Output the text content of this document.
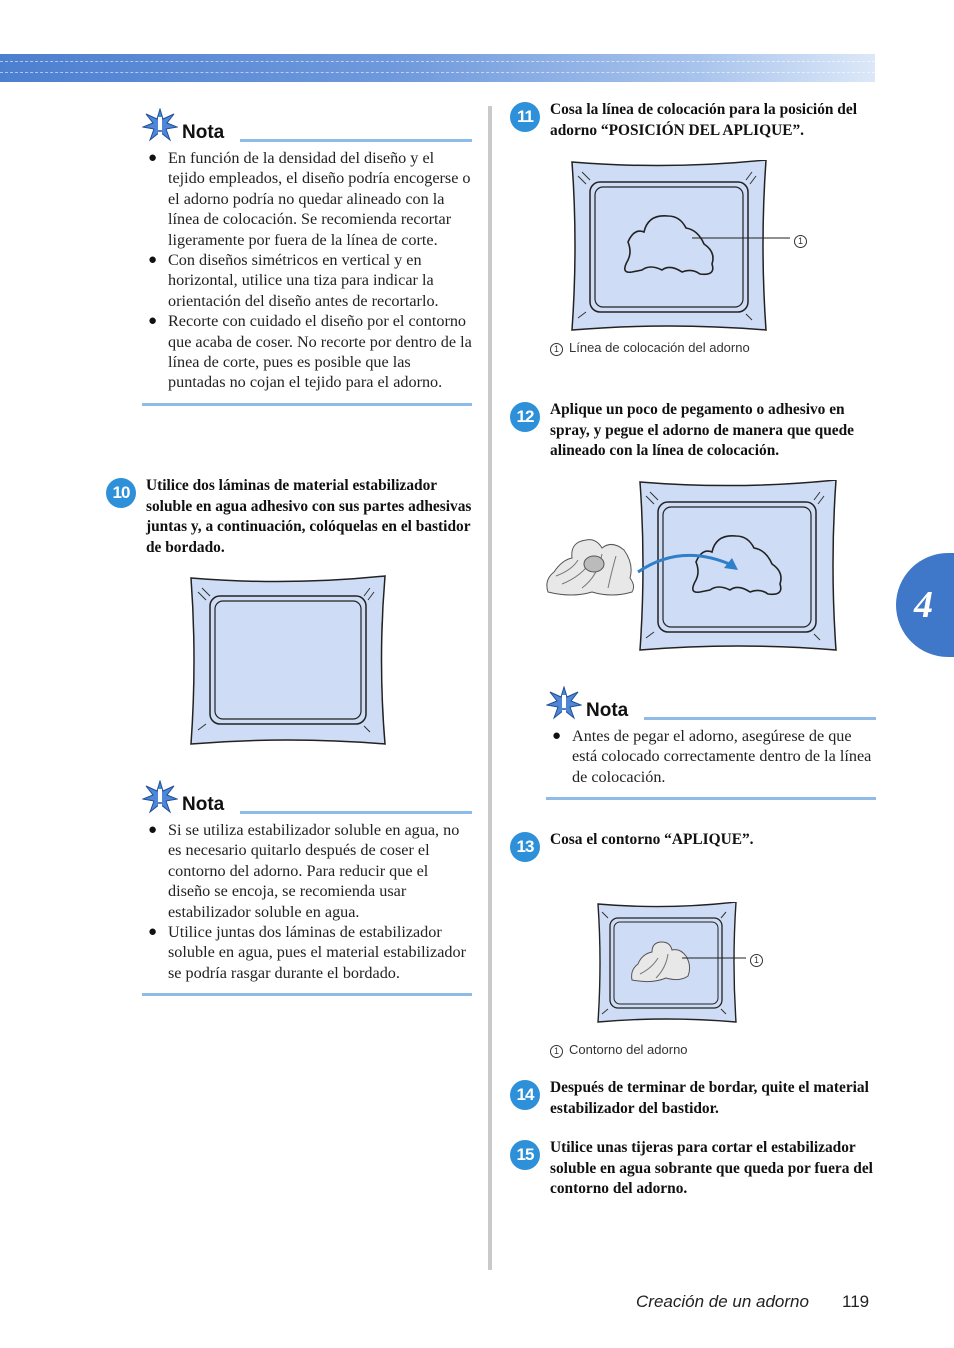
4
Nota
● En función de la densidad del diseño y el tejido empleados, el diseño podría encogerse o el adorno podría no quedar alineado con la línea de colocación. Se recomienda recortar ligeramente por fuera de la línea de corte.
● Con diseños simétricos en vertical y en horizontal, utilice una tiza para indicar la orientación del diseño antes de recortarlo.
● Recorte con cuidado el diseño por el contorno que acaba de coser. No recorte por dentro de la línea de corte, pues es posible que las puntadas no cojan el tejido para el adorno.
10	Utilice dos láminas de material estabilizador soluble en agua adhesivo con sus partes adhesivas juntas y, a continuación, colóquelas en el bastidor de bordado.
Nota
● Si se utiliza estabilizador soluble en agua, no es necesario quitarlo después de coser el contorno del adorno. Para reducir que el diseño se encoja, se recomienda usar estabilizador soluble en agua.
● Utilice juntas dos láminas de estabilizador soluble en agua, pues el material estabilizador se podría rasgar durante el bordado.
11	Cosa la línea de colocación para la posición del adorno “POSICIÓN DEL APLIQUE”.
1
1 Línea de colocación del adorno
12	Aplique un poco de pegamento o adhesivo en spray, y pegue el adorno de manera que quede alineado con la línea de colocación.
Nota
● Antes de pegar el adorno, asegúrese de que está colocado correctamente dentro de la línea de colocación.
13	Cosa el contorno “APLIQUE”.
1
1 Contorno del adorno
14	Después de terminar de bordar, quite el material estabilizador del bastidor.
15	Utilice unas tijeras para cortar el estabilizador soluble en agua sobrante que queda por fuera del contorno del adorno.
Creación de un adorno 119
